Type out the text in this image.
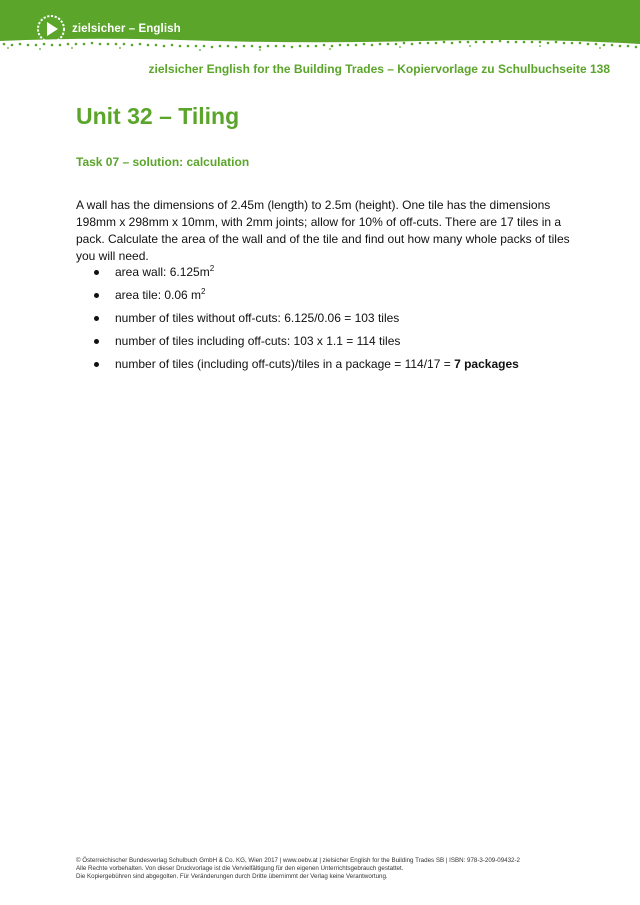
zielsicher – English
zielsicher English for the Building Trades – Kopiervorlage zu Schulbuchseite 138
Unit 32 – Tiling
Task 07 – solution: calculation

A wall has the dimensions of 2.45m (length) to 2.5m (height). One tile has the dimensions 198mm x 298mm x 10mm, with 2mm joints; allow for 10% of off-cuts. There are 17 tiles in a pack. Calculate the area of the wall and of the tile and find out how many whole packs of tiles you will need.

area wall: $6.125m^2$
area tile: 0.06 $m^2$
number of tiles without off-cuts: 6.125/0.06 = 103 tiles
number of tiles including off-cuts: 103 x 1.1 = 114 tiles
number of tiles (including off-cuts)/tiles in a package = 114/17 = 7 packages
© Österreichischer Bundesverlag Schulbuch GmbH & Co. KG, Wien 2017 | www.oebv.at | zielsicher English for the Building Trades SB | ISBN: 978-3-209-09432-2
Alle Rechte vorbehalten. Von dieser Druckvorlage ist die Vervielfältigung für den eigenen Unterrichtsgebrauch gestattet.
Die Kopiergebühren sind abgegolten. Für Veränderungen durch Dritte übernimmt der Verlag keine Verantwortung.
